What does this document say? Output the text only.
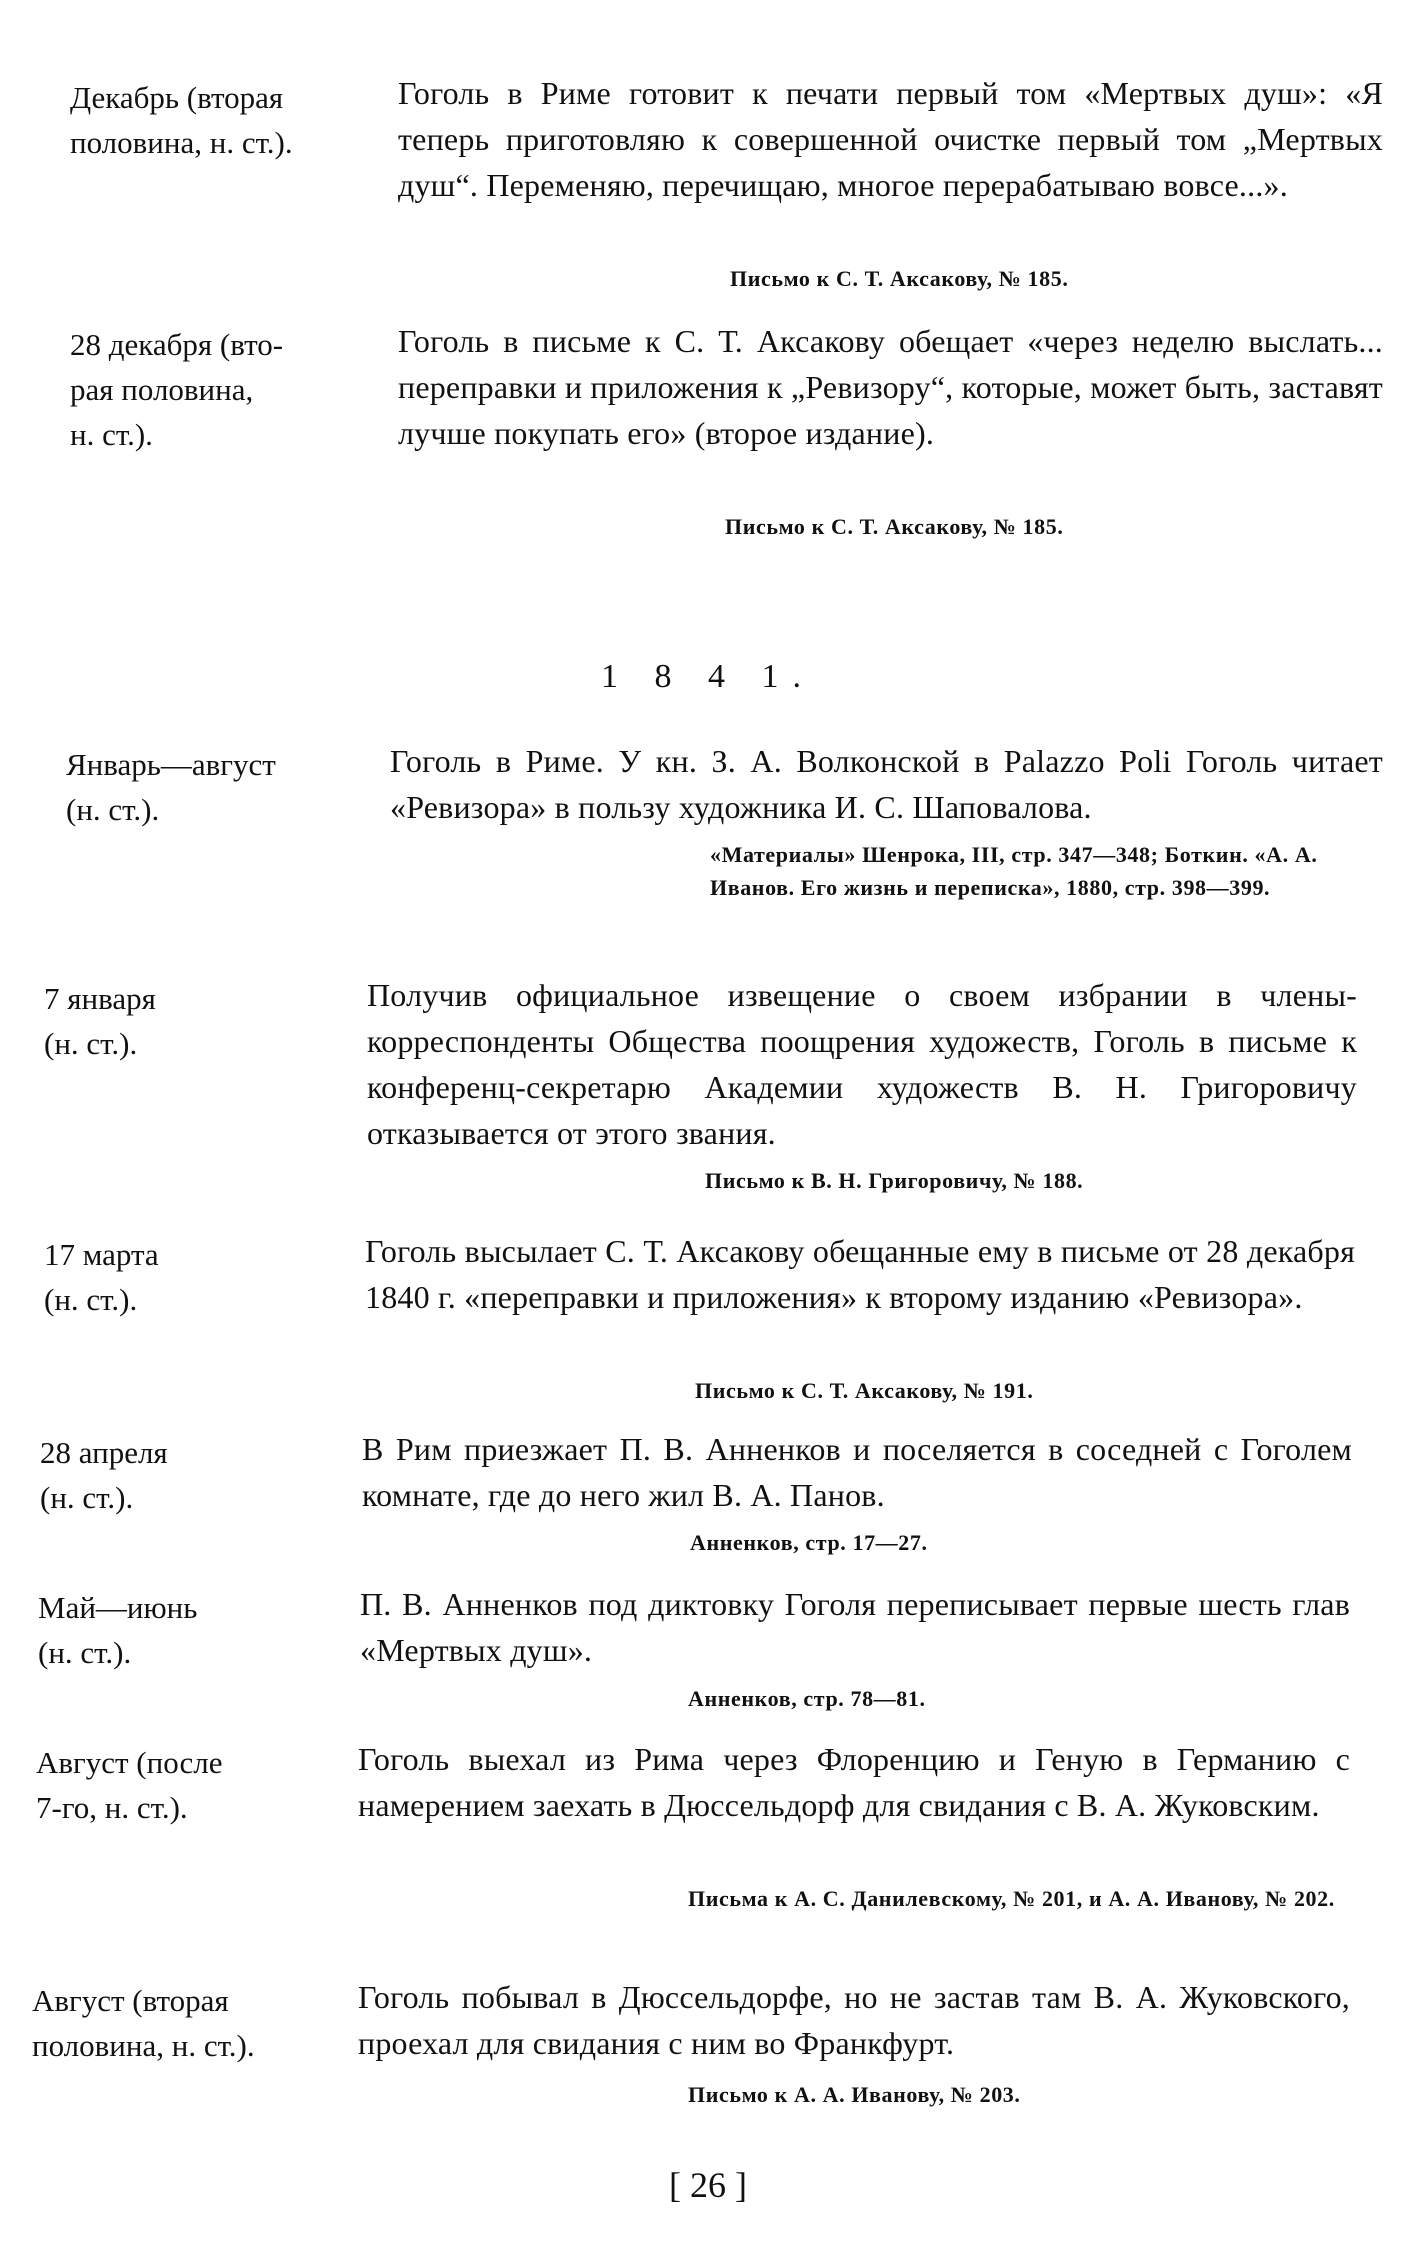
Декабрь (вторая
половина, н. ст.).
Гоголь в Риме готовит к печати первый том «Мертвых душ»: «Я теперь приготовляю к совершенной очистке первый том „Мертвых душ“. Переменяю, перечищаю, многое перерабатываю вовсе...».
Письмо к С. Т. Аксакову, № 185.
28 декабря (вто-
рая половина,
н. ст.).
Гоголь в письме к С. Т. Аксакову обещает «через неделю выслать... переправки и приложения к „Ревизору“, которые, может быть, заставят лучше покупать его» (второе издание).
Письмо к С. Т. Аксакову, № 185.
1 8 4 1.
Январь—август
(н. ст.).
Гоголь в Риме. У кн. З. А. Волконской в Palazzo Poli Гоголь читает «Ревизора» в пользу художника И. С. Шаповалова.
«Материалы» Шенрока, III, стр. 347—348; Боткин. «А. А. Иванов. Его жизнь и переписка», 1880, стр. 398—399.
7 января
(н. ст.).
Получив официальное извещение о своем избрании в члены-корреспонденты Общества поощрения художеств, Гоголь в письме к конференц-секретарю Академии художеств В. Н. Григоровичу отказывается от этого звания.
Письмо к В. Н. Григоровичу, № 188.
17 марта
(н. ст.).
Гоголь высылает С. Т. Аксакову обещанные ему в письме от 28 декабря 1840 г. «переправки и приложения» к второму изданию «Ревизора».
Письмо к С. Т. Аксакову, № 191.
28 апреля
(н. ст.).
В Рим приезжает П. В. Анненков и поселяется в соседней с Гоголем комнате, где до него жил В. А. Панов.
Анненков, стр. 17—27.
Май—июнь
(н. ст.).
П. В. Анненков под диктовку Гоголя переписывает первые шесть глав «Мертвых душ».
Анненков, стр. 78—81.
Август (после
7-го, н. ст.).
Гоголь выехал из Рима через Флоренцию и Геную в Германию с намерением заехать в Дюссельдорф для свидания с В. А. Жуковским.
Письма к А. С. Данилевскому, № 201, и А. А. Иванову, № 202.
Август (вторая
половина, н. ст.).
Гоголь побывал в Дюссельдорфе, но не застав там В. А. Жуковского, проехал для свидания с ним во Франкфурт.
Письмо к А. А. Иванову, № 203.
[ 26 ]
